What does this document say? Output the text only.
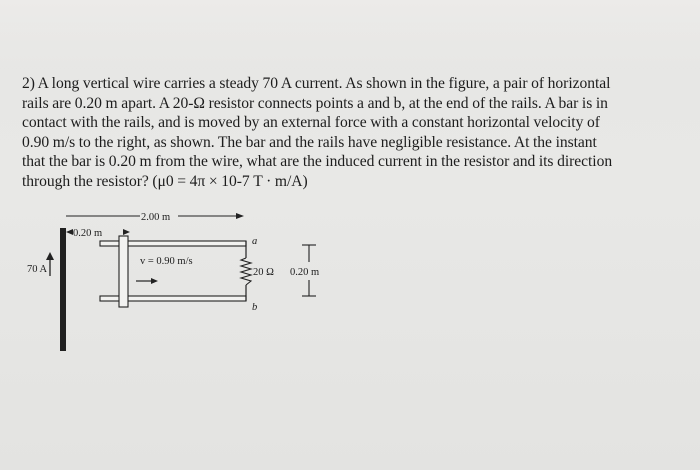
2) A long vertical wire carries a steady 70 A current. As shown in the figure, a pair of horizontal
rails are 0.20 m apart. A 20-Ω resistor connects points a and b, at the end of the rails. A bar is in
contact with the rails, and is moved by an external force with a constant horizontal velocity of
0.90 m/s to the right, as shown. The bar and the rails have negligible resistance. At the instant
that the bar is 0.20 m from the wire, what are the induced current in the resistor and its direction
through the resistor? (μ0 = 4π × 10-7 T · m/A)
2.00 m
0.20 m
70 A
v = 0.90 m/s
a
b
20 Ω 0.20 m
